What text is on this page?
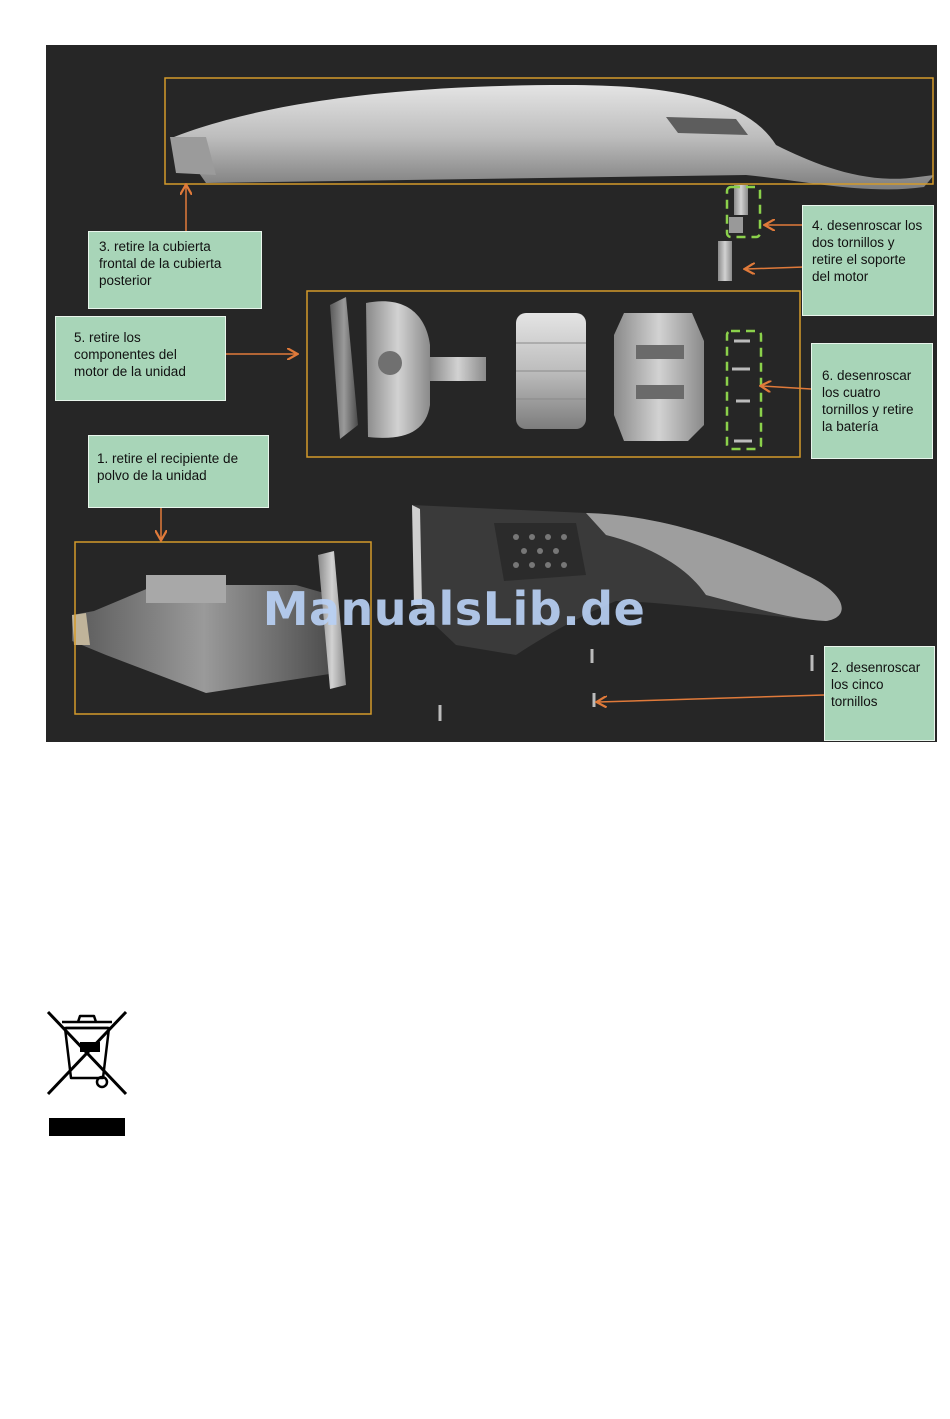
3. retire la cubierta frontal de la cubierta posterior
4. desenroscar los dos tornillos y retire el soporte del motor
5. retire los componentes del motor de la unidad	6. desenroscar los cuatro tornillos y retire la batería
1. retire el recipiente de polvo de la unidad
2. desenroscar los cinco tornillos
ManualsLib.de
